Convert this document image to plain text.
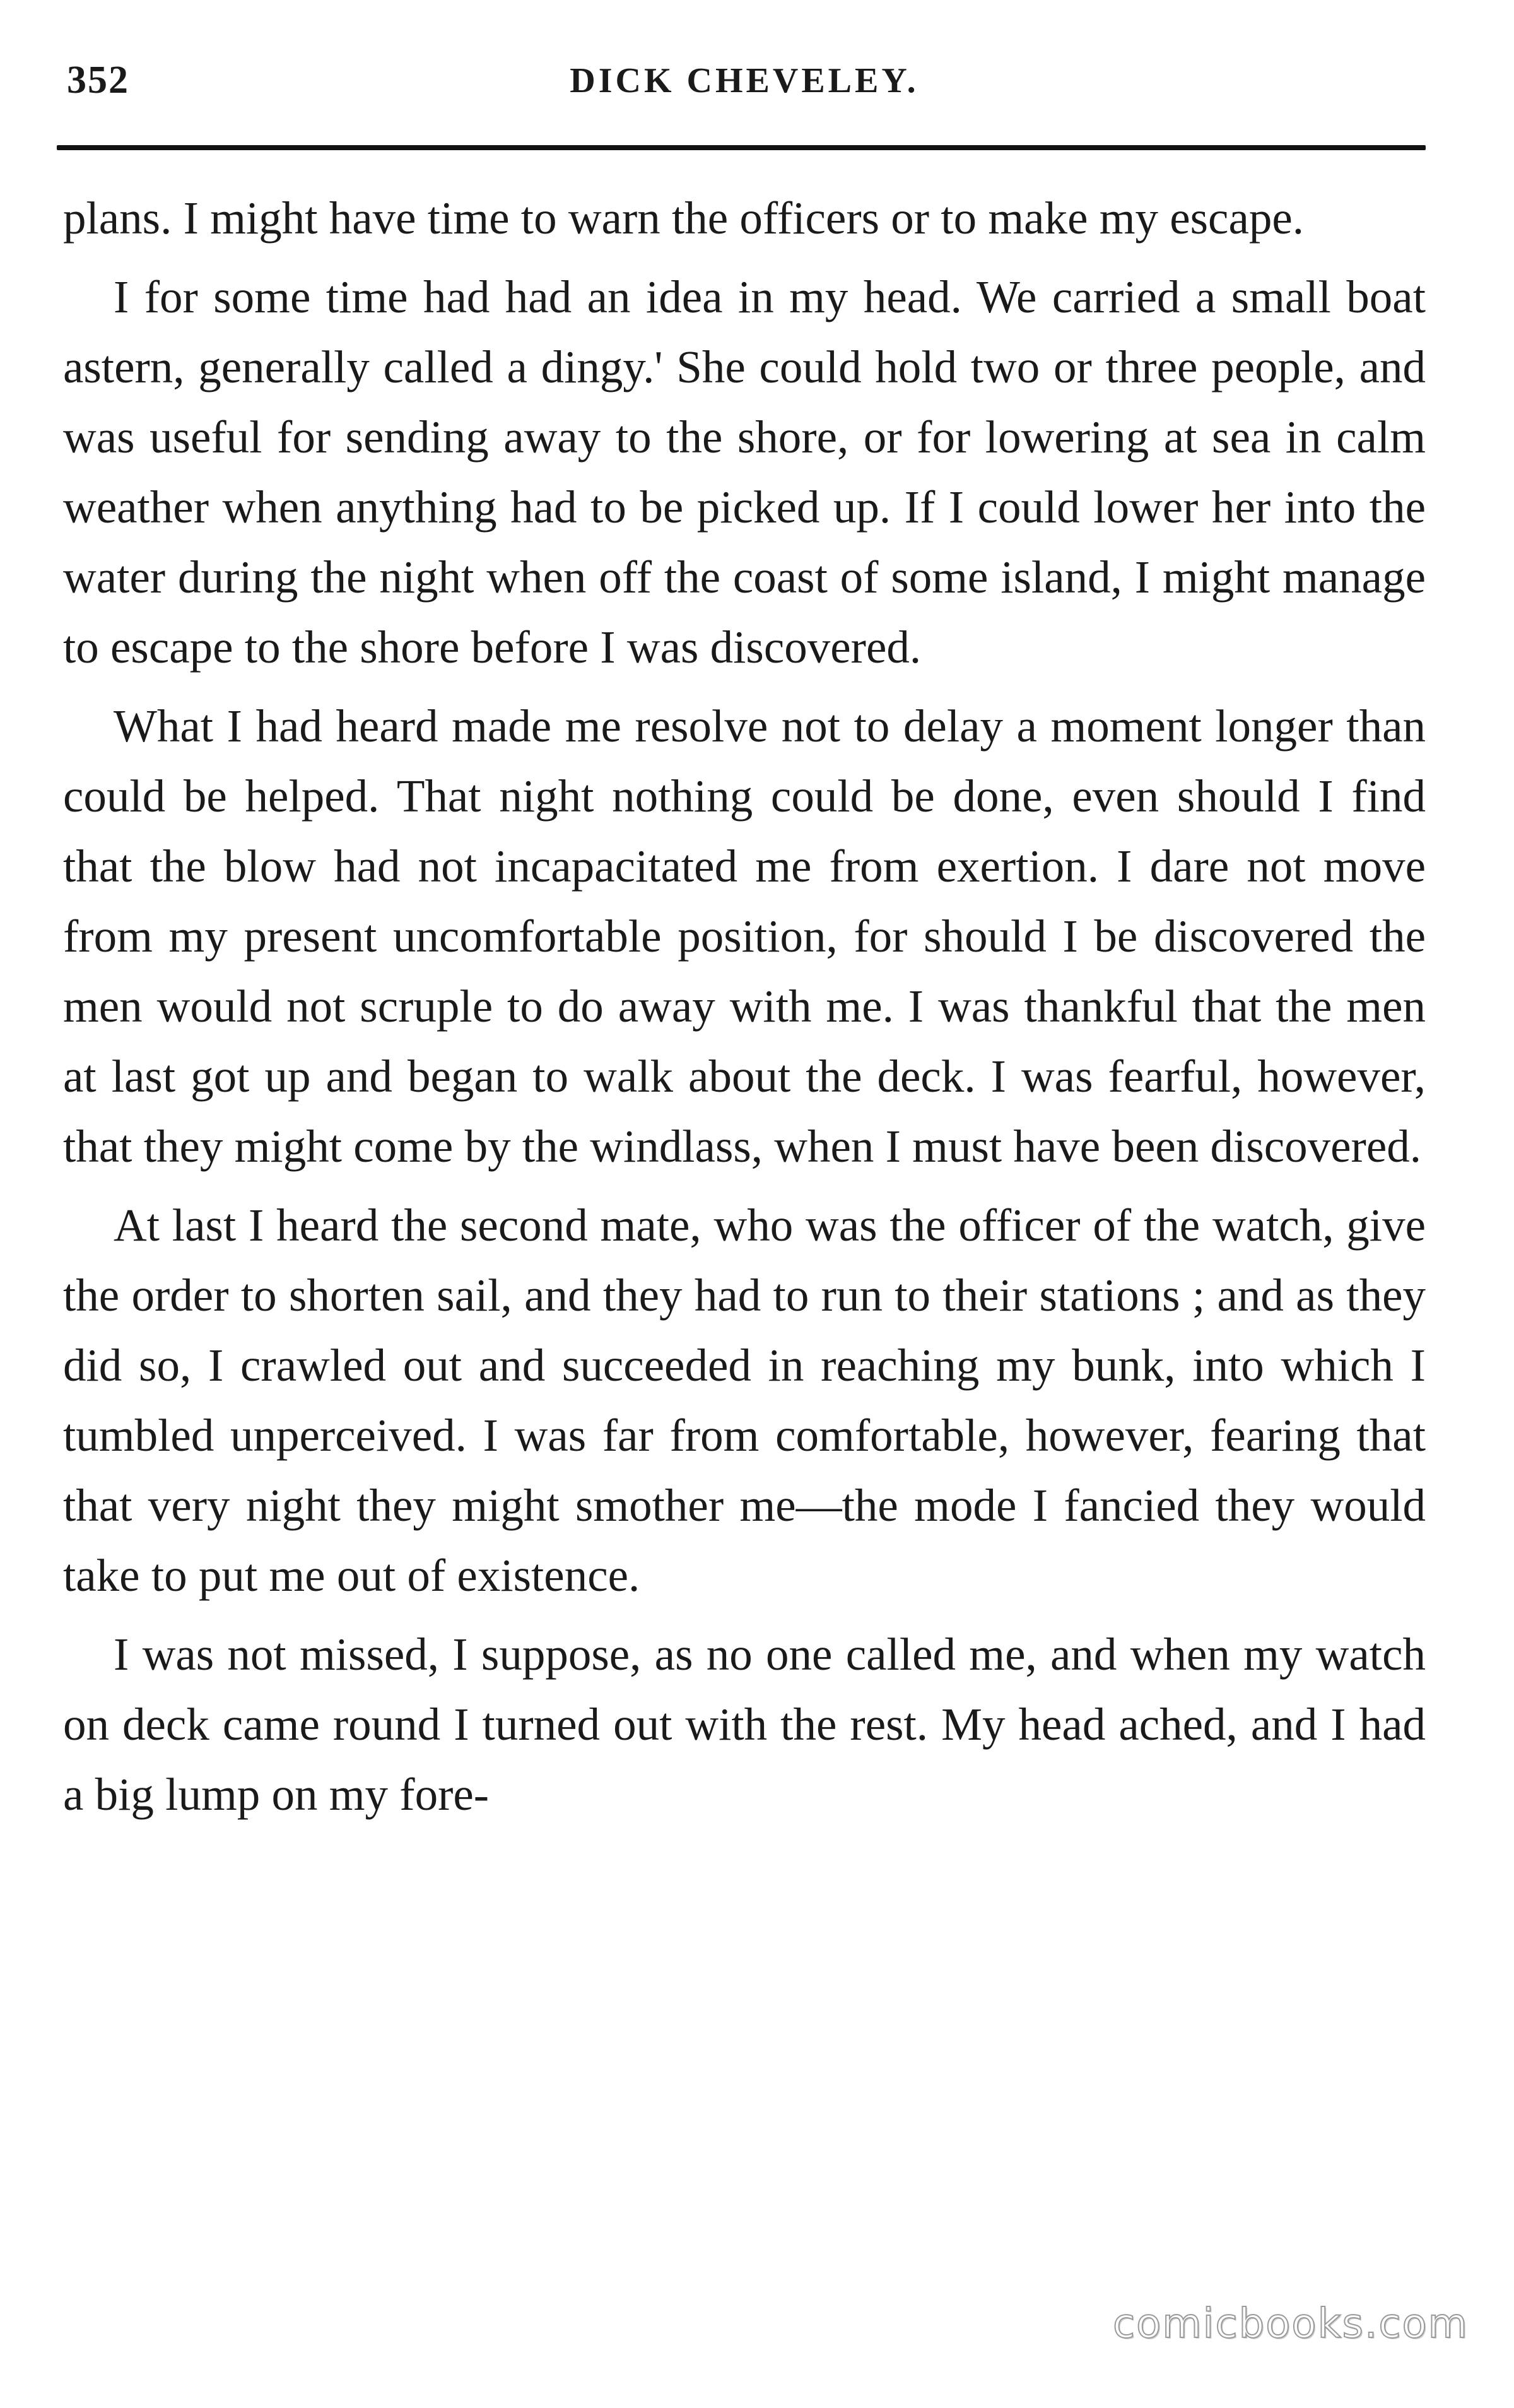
352	DICK CHEVELEY.

plans. I might have time to warn the officers or to make my escape.

I for some time had had an idea in my head. We carried a small boat astern, generally called a dingy.' She could hold two or three people, and was useful for sending away to the shore, or for lowering at sea in calm weather when anything had to be picked up. If I could lower her into the water during the night when off the coast of some island, I might manage to escape to the shore before I was discovered.

What I had heard made me resolve not to delay a moment longer than could be helped. That night nothing could be done, even should I find that the blow had not incapacitated me from exertion. I dare not move from my present uncomfortable position, for should I be discovered the men would not scruple to do away with me. I was thankful that the men at last got up and began to walk about the deck. I was fearful, however, that they might come by the windlass, when I must have been discovered.

At last I heard the second mate, who was the officer of the watch, give the order to shorten sail, and they had to run to their stations ; and as they did so, I crawled out and succeeded in reaching my bunk, into which I tumbled unperceived. I was far from comfortable, however, fearing that that very night they might smother me—the mode I fancied they would take to put me out of existence.

I was not missed, I suppose, as no one called me, and when my watch on deck came round I turned out with the rest. My head ached, and I had a big lump on my fore-

comicbooks.com
